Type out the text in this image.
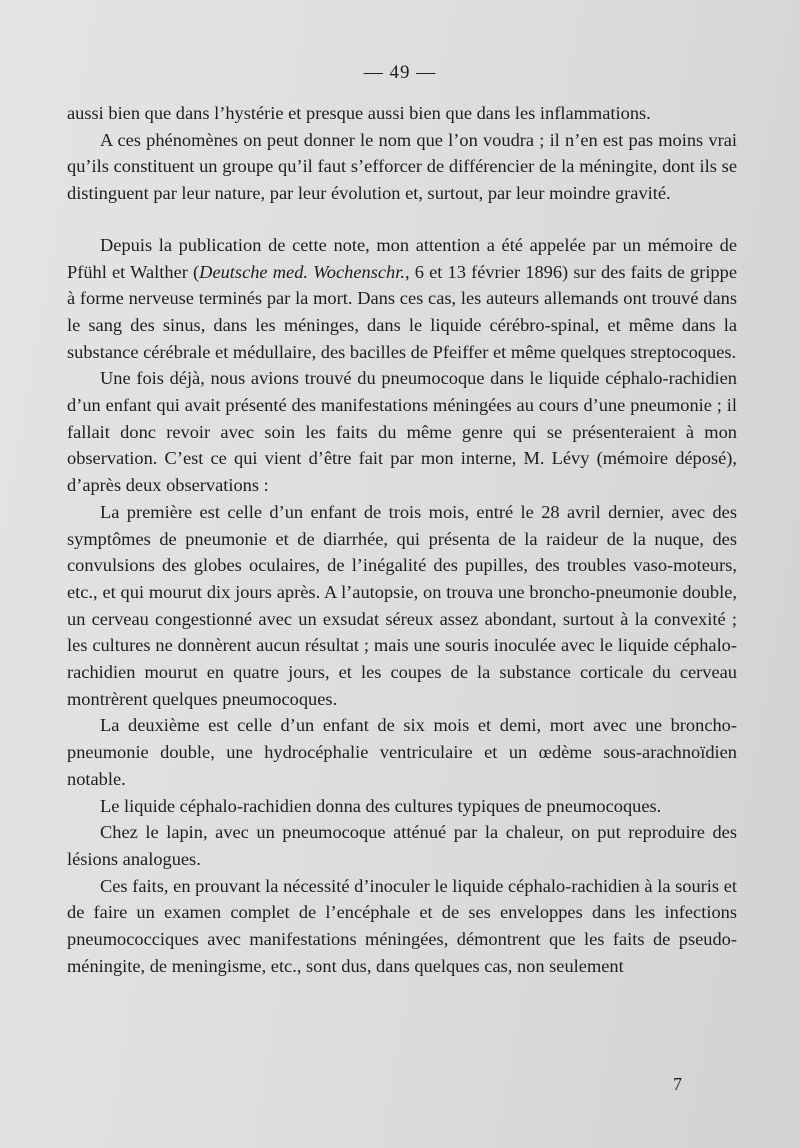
— 49 —

aussi bien que dans l’hystérie et presque aussi bien que dans les inflammations.

A ces phénomènes on peut donner le nom que l’on voudra ; il n’en est pas moins vrai qu’ils constituent un groupe qu’il faut s’efforcer de différencier de la méningite, dont ils se distinguent par leur nature, par leur évolution et, surtout, par leur moindre gravité.

Depuis la publication de cette note, mon attention a été appelée par un mémoire de Pfühl et Walther (Deutsche med. Wochenschr., 6 et 13 février 1896) sur des faits de grippe à forme nerveuse terminés par la mort. Dans ces cas, les auteurs allemands ont trouvé dans le sang des sinus, dans les méninges, dans le liquide cérébro-spinal, et même dans la substance cérébrale et médullaire, des bacilles de Pfeiffer et même quelques streptocoques.

Une fois déjà, nous avions trouvé du pneumocoque dans le liquide céphalo-rachidien d’un enfant qui avait présenté des manifestations méningées au cours d’une pneumonie ; il fallait donc revoir avec soin les faits du même genre qui se présenteraient à mon observation. C’est ce qui vient d’être fait par mon interne, M. Lévy (mémoire déposé), d’après deux observations :

La première est celle d’un enfant de trois mois, entré le 28 avril dernier, avec des symptômes de pneumonie et de diarrhée, qui présenta de la raideur de la nuque, des convulsions des globes oculaires, de l’inégalité des pupilles, des troubles vaso-moteurs, etc., et qui mourut dix jours après. A l’autopsie, on trouva une broncho-pneumonie double, un cerveau congestionné avec un exsudat séreux assez abondant, surtout à la convexité ; les cultures ne donnèrent aucun résultat ; mais une souris inoculée avec le liquide céphalo-rachidien mourut en quatre jours, et les coupes de la substance corticale du cerveau montrèrent quelques pneumocoques.

La deuxième est celle d’un enfant de six mois et demi, mort avec une broncho-pneumonie double, une hydrocéphalie ventriculaire et un œdème sous-arachnoïdien notable.

Le liquide céphalo-rachidien donna des cultures typiques de pneumocoques.

Chez le lapin, avec un pneumocoque atténué par la chaleur, on put reproduire des lésions analogues.

Ces faits, en prouvant la nécessité d’inoculer le liquide céphalo-rachidien à la souris et de faire un examen complet de l’encéphale et de ses enveloppes dans les infections pneumococciques avec manifestations méningées, démontrent que les faits de pseudo-méningite, de meningisme, etc., sont dus, dans quelques cas, non seulement

7
